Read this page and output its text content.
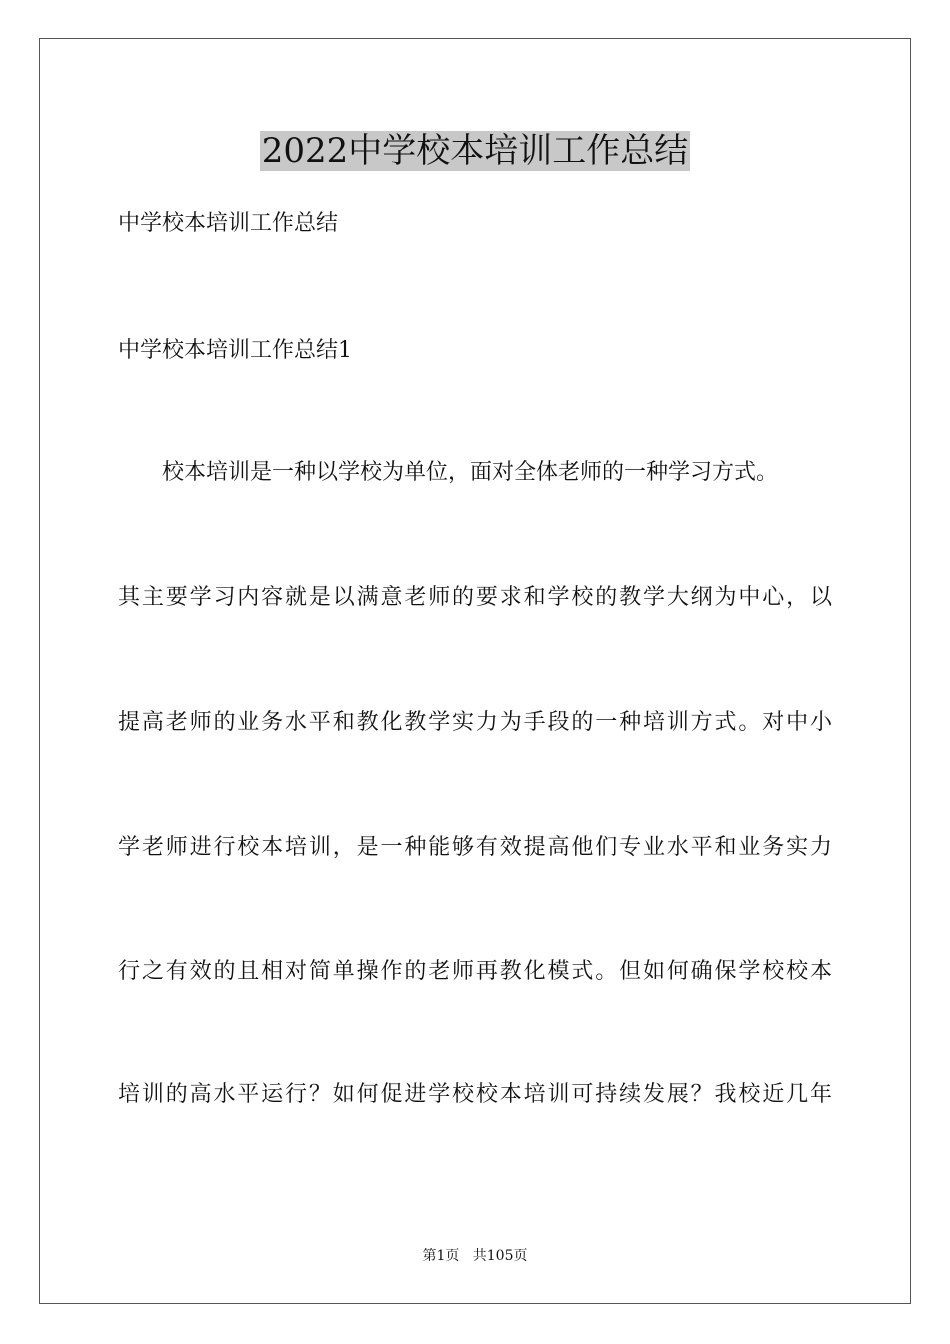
2022中学校本培训工作总结
中学校本培训工作总结
中学校本培训工作总结1
校本培训是一种以学校为单位，面对全体老师的一种学习方式。
其主要学习内容就是以满意老师的要求和学校的教学大纲为中心，以
提高老师的业务水平和教化教学实力为手段的一种培训方式。对中小
学老师进行校本培训，是一种能够有效提高他们专业水平和业务实力
行之有效的且相对简单操作的老师再教化模式。但如何确保学校校本
培训的高水平运行？如何促进学校校本培训可持续发展？我校近几年
第1页   共105页
